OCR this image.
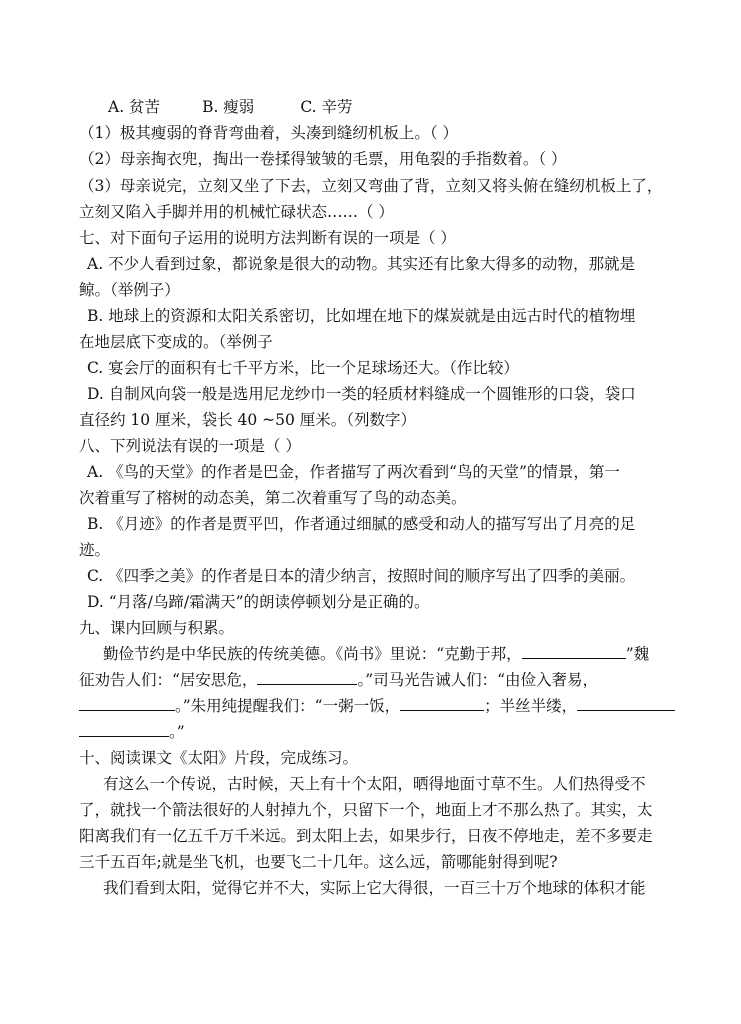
A. 贫苦	B. 瘦弱	C. 辛劳
（1）极其瘦弱的脊背弯曲着，头凑到缝纫机板上。（ ）
（2）母亲掏衣兜，掏出一卷揉得皱皱的毛票，用龟裂的手指数着。（ ）
（3）母亲说完，立刻又坐了下去，立刻又弯曲了背，立刻又将头俯在缝纫机板上了，
立刻又陷入手脚并用的机械忙碌状态……（ ）
七、对下面句子运用的说明方法判断有误的一项是（ ）
A. 不少人看到过象，都说象是很大的动物。其实还有比象大得多的动物，那就是
鲸。（举例子）
B. 地球上的资源和太阳关系密切，比如埋在地下的煤炭就是由远古时代的植物埋
在地层底下变成的。（举例子
C. 宴会厅的面积有七千平方米，比一个足球场还大。（作比较）
D. 自制风向袋一般是选用尼龙纱巾一类的轻质材料缝成一个圆锥形的口袋，袋口
直径约 10 厘米，袋长 40 ~50 厘米。（列数字）
八、下列说法有误的一项是（ ）
A. 《鸟的天堂》的作者是巴金，作者描写了两次看到“鸟的天堂”的情景，第一
次着重写了榕树的动态美，第二次着重写了鸟的动态美。
B. 《月迹》的作者是贾平凹，作者通过细腻的感受和动人的描写写出了月亮的足
迹。
C. 《四季之美》的作者是日本的清少纳言，按照时间的顺序写出了四季的美丽。
D. “月落/乌蹄/霜满天”的朗读停顿划分是正确的。
九、课内回顾与积累。
勤俭节约是中华民族的传统美德。《尚书》里说：“克勤于邦，	”魏
征劝告人们：“居安思危，	。”司马光告诫人们：“由俭入奢易，
。”朱用纯提醒我们：“一粥一饭，	；半丝半缕，
。”
十、阅读课文《太阳》片段，完成练习。
有这么一个传说，古时候，天上有十个太阳，晒得地面寸草不生。人们热得受不
了，就找一个箭法很好的人射掉九个，只留下一个，地面上才不那么热了。其实，太
阳离我们有一亿五千万千米远。到太阳上去，如果步行，日夜不停地走，差不多要走
三千五百年;就是坐飞机，也要飞二十几年。这么远，箭哪能射得到呢?
我们看到太阳，觉得它并不大，实际上它大得很，一百三十万个地球的体积才能
